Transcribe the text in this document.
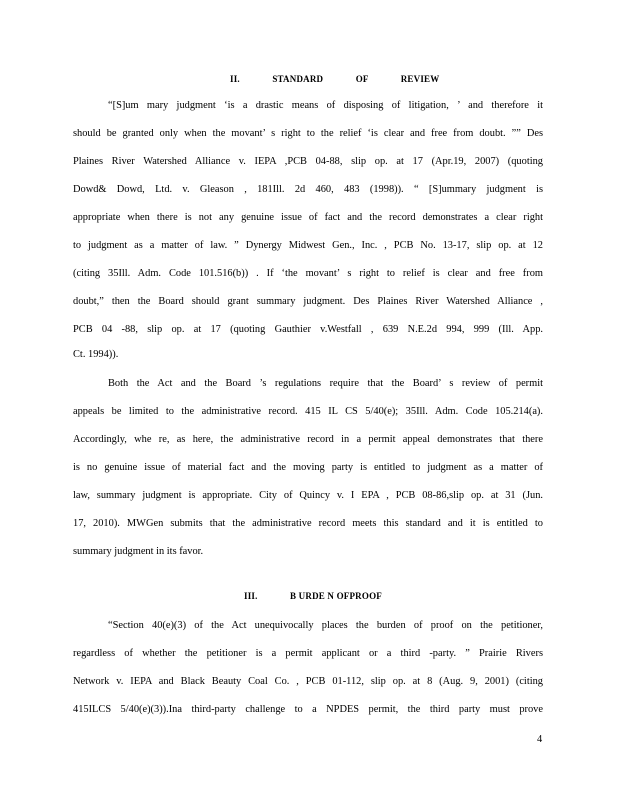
II.	STANDARD OF REVIEW
“[S]um mary judgment ‘is a drastic means of disposing of litigation, ’ and therefore it
should be granted only when the movant’ s right to the relief ‘is clear and free from doubt. ”” Des
Plaines River Watershed Alliance v. IEPA ,PCB 04-88, slip op. at 17 (Apr.19, 2007) (quoting
Dowd& Dowd, Ltd. v. Gleason , 181Ill. 2d 460, 483 (1998)). “ [S]ummary judgment is
appropriate when there is not any genuine issue of fact and the record demonstrates a clear right
to judgment as a matter of law. ” Dynergy Midwest Gen., Inc. , PCB No. 13-17, slip op. at 12
(citing 35Ill. Adm. Code 101.516(b)) . If ‘the movant’ s right to relief is clear and free from
doubt,” then the Board should grant summary judgment. Des Plaines River Watershed Alliance ,
PCB 04 -88, slip op. at 17 (quoting Gauthier v.Westfall , 639 N.E.2d 994, 999 (Ill. App.
Ct. 1994)).
Both the Act and the Board ’s regulations require that the Board’ s review of permit
appeals be limited to the administrative record. 415 IL CS 5/40(e); 35Ill. Adm. Code 105.214(a).
Accordingly, whe re, as here, the administrative record in a permit appeal demonstrates that there
is no genuine issue of material fact and the moving party is entitled to judgment as a matter of
law, summary judgment is appropriate. City of Quincy v. I EPA , PCB 08-86,slip op. at 31 (Jun.
17, 2010). MWGen submits that the administrative record meets this standard and it is entitled to
summary judgment in its favor.
III.	B URDE N OFPROOF
“Section 40(e)(3) of the Act unequivocally places the burden of proof on the petitioner,
regardless of whether the petitioner is a permit applicant or a third -party. ” Prairie Rivers
Network v. IEPA and Black Beauty Coal Co. , PCB 01-112, slip op. at 8 (Aug. 9, 2001) (citing
415ILCS 5/40(e)(3)).Ina third-party challenge to a NPDES permit, the third party must prove
4
